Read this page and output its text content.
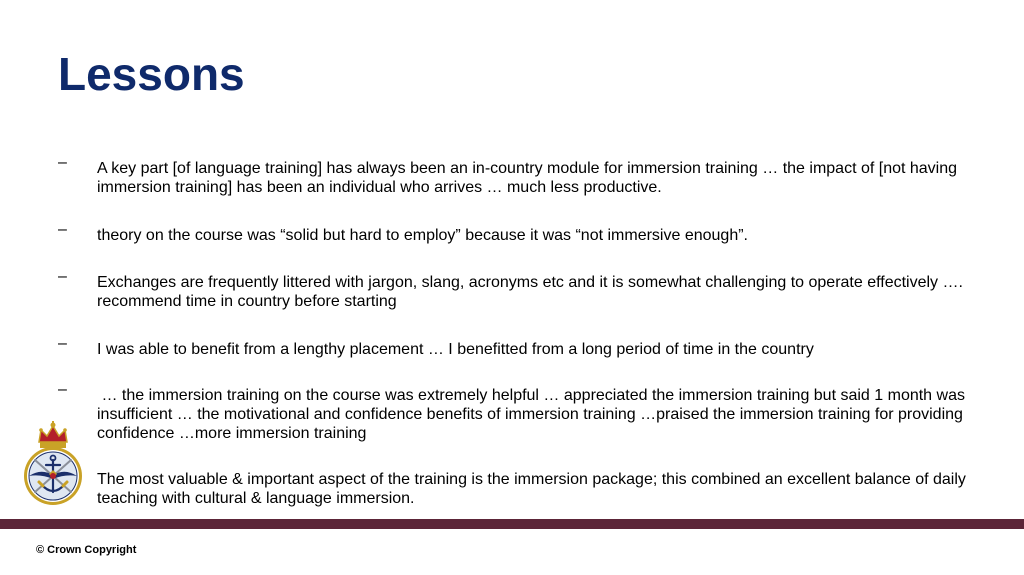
Lessons
–	A key part [of language training] has always been an in-country module for immersion training … the impact of [not having immersion training] has been an individual who arrives … much less productive.
–	theory on the course was “solid but hard to employ” because it was “not immersive enough”.
–	Exchanges are frequently littered with jargon, slang, acronyms etc and it is somewhat challenging to operate effectively …. recommend time in country before starting
–	I was able to benefit from a lengthy placement … I benefitted from a long period of time in the country
–	… the immersion training on the course was extremely helpful … appreciated the immersion training but said 1 month was insufficient … the motivational and confidence benefits of immersion training …praised the immersion training for providing confidence …more immersion training
The most valuable & important aspect of the training is the immersion package; this combined an excellent balance of daily teaching with cultural & language immersion.
© Crown Copyright
